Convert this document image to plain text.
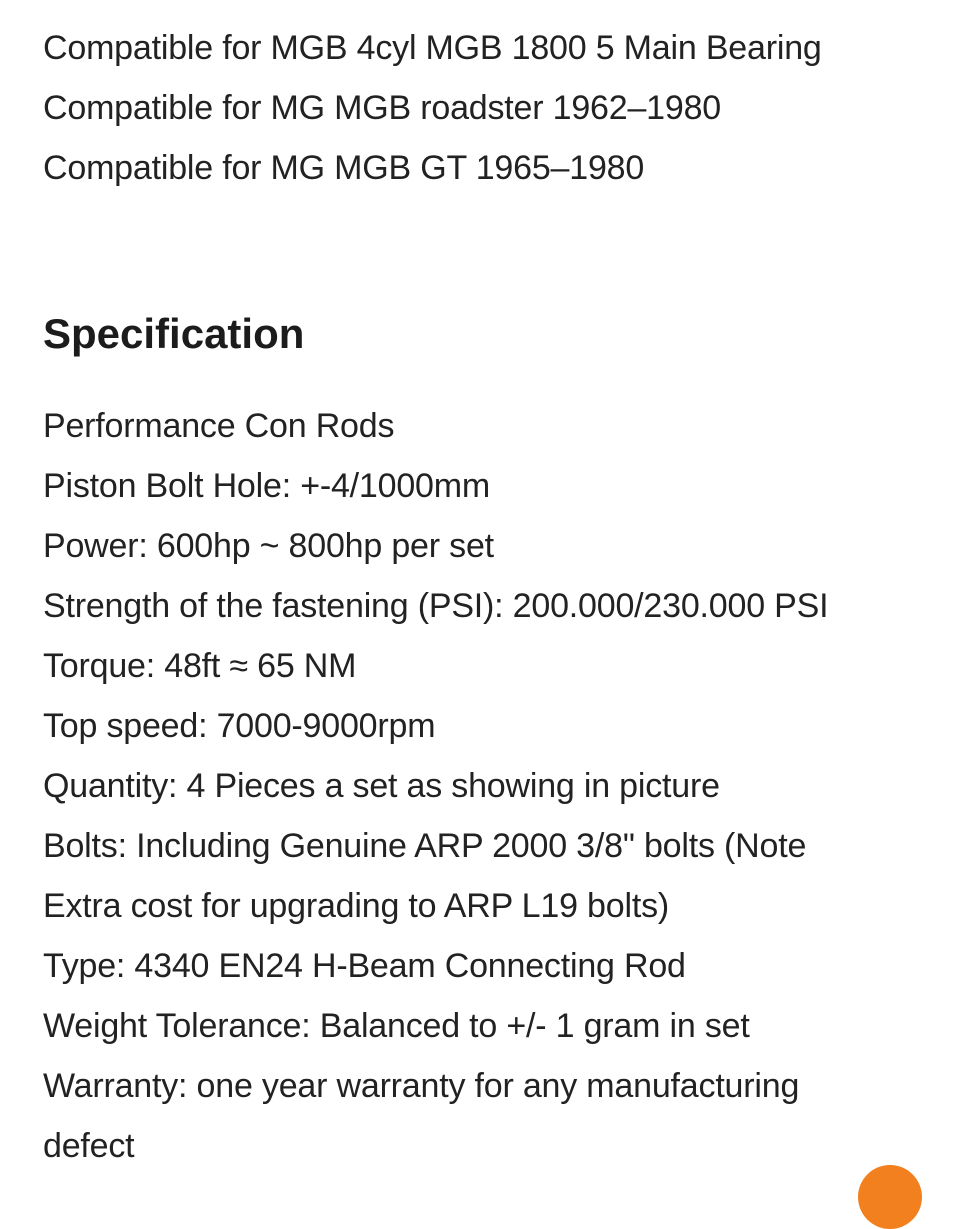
Compatible for MGB 4cyl MGB 1800 5 Main Bearing

Compatible for MG MGB roadster 1962–1980

Compatible for MG MGB GT 1965–1980

Specification

Performance Con Rods

Piston Bolt Hole: +-4/1000mm

Power: 600hp ~ 800hp per set

Strength of the fastening (PSI): 200.000/230.000 PSI

Torque: 48ft ≈ 65 NM

Top speed: 7000-9000rpm

Quantity: 4 Pieces a set as showing in picture

Bolts: Including Genuine ARP 2000 3/8" bolts (Note

Extra cost for upgrading to ARP L19 bolts)

Type: 4340 EN24 H-Beam Connecting Rod

Weight Tolerance: Balanced to +/- 1 gram in set

Warranty: one year warranty for any manufacturing

defect
